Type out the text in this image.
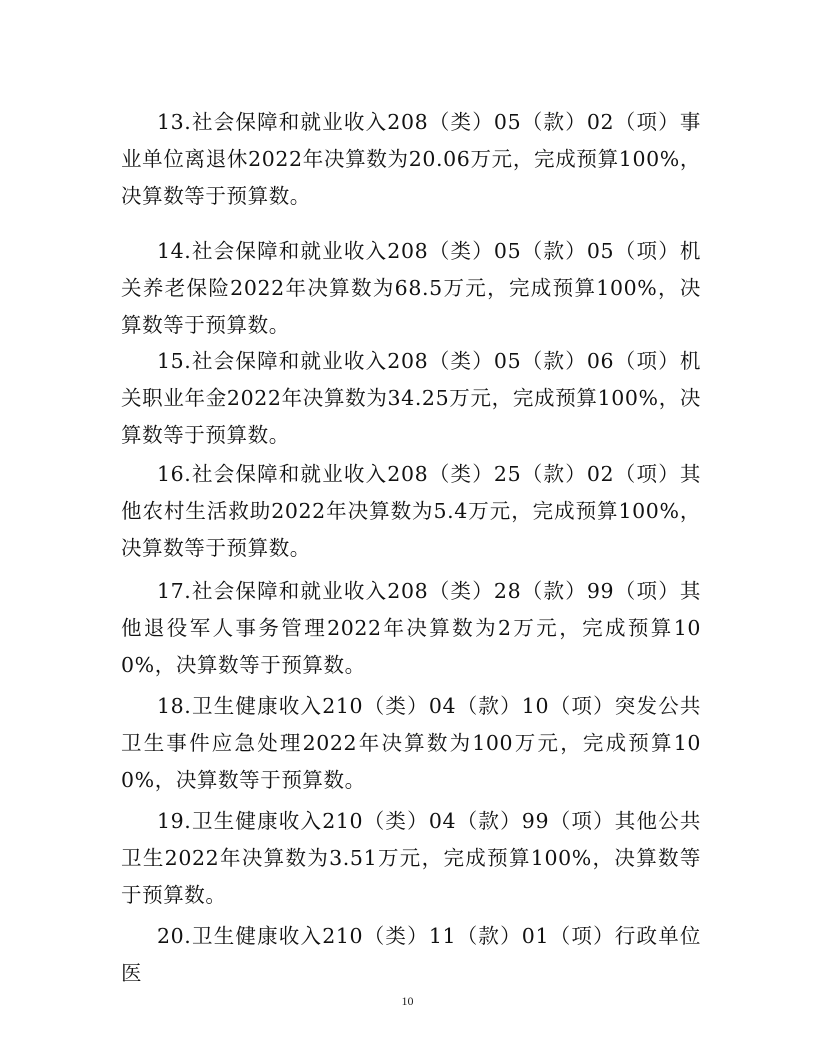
13.社会保障和就业收入208（类）05（款）02（项）事业单位离退休2022年决算数为20.06万元，完成预算100%，决算数等于预算数。

14.社会保障和就业收入208（类）05（款）05（项）机关养老保险2022年决算数为68.5万元，完成预算100%，决算数等于预算数。

15.社会保障和就业收入208（类）05（款）06（项）机关职业年金2022年决算数为34.25万元，完成预算100%，决算数等于预算数。

16.社会保障和就业收入208（类）25（款）02（项）其他农村生活救助2022年决算数为5.4万元，完成预算100%，决算数等于预算数。

17.社会保障和就业收入208（类）28（款）99（项）其他退役军人事务管理2022年决算数为2万元，完成预算100%，决算数等于预算数。

18.卫生健康收入210（类）04（款）10（项）突发公共卫生事件应急处理2022年决算数为100万元，完成预算100%，决算数等于预算数。

19.卫生健康收入210（类）04（款）99（项）其他公共卫生2022年决算数为3.51万元，完成预算100%，决算数等于预算数。

20.卫生健康收入210（类）11（款）01（项）行政单位医

10
